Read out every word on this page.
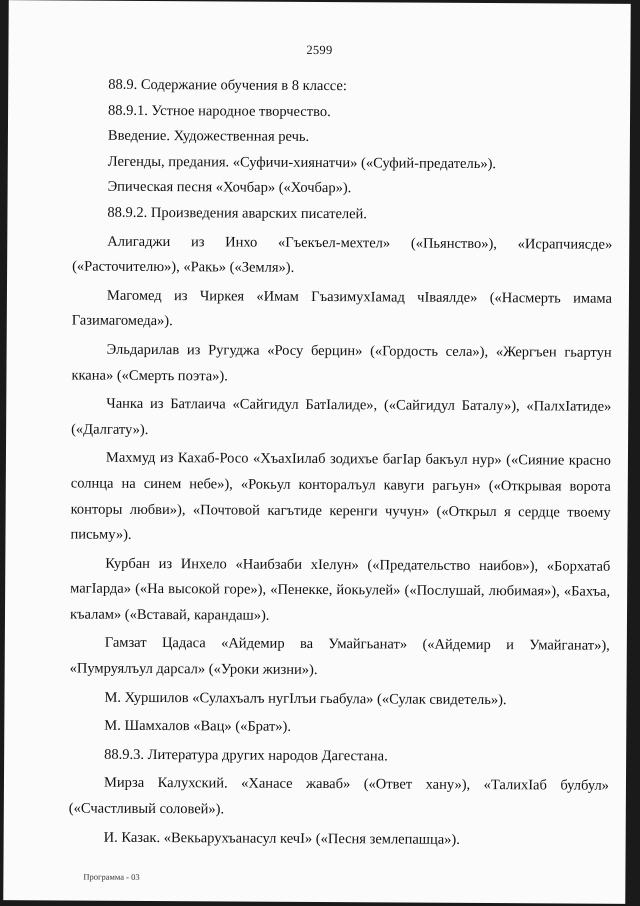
2599

88.9. Содержание обучения в 8 классе:

88.9.1. Устное народное творчество.

Введение. Художественная речь.

Легенды, предания. «Суфичи-хиянатчи» («Суфий-предатель»).

Эпическая песня «Хочбар» («Хочбар»).

88.9.2. Произведения аварских писателей.

Алигаджи из Инхо «Гъекъел-мехтел» («Пьянство»), «Исрапчиясде» («Расточителю»), «Ракь» («Земля»).

Магомед из Чиркея «Имам ГъазимухIамад чIваялде» («Насмерть имама Газимагомеда»).

Эльдарилав из Ругуджа «Росу берцин» («Гордость села»), «Жергъен гьартун ккана» («Смерть поэта»).

Чанка из Батлаича «Сайгидул БатIалиде», («Сайгидул Баталу»), «ПалхIатиде» («Далгату»).

Махмуд из Кахаб-Росо «ХъахIилаб зодихъе багIар бакъул нур» («Сияние красно солнца на синем небе»), «Рокьул конторалъул кавуги рагьун» («Открывая ворота конторы любви»), «Почтовой кагътиде керенги чучун» («Открыл я сердце твоему письму»).

Курбан из Инхело «Наибзаби хIелун» («Предательство наибов»), «Борхатаб магIарда» («На высокой горе»), «Пенекке, йокьулей» («Послушай, любимая»), «Бахъа, къалам» («Вставай, карандаш»).

Гамзат Цадаса «Айдемир ва Умайгьанат» («Айдемир и Умайганат»), «Пумруялъул дарсал» («Уроки жизни»).

М. Хуршилов «Сулахъалъ нугIлъи гьабула» («Сулак свидетель»).

М. Шамхалов «Вац» («Брат»).

88.9.3. Литература других народов Дагестана.

Мирза Калухский. «Ханасе жаваб» («Ответ хану»), «ТалихIаб булбул» («Счастливый соловей»).

И. Казак. «Векьарухъанасул кечI» («Песня землепашца»).

Программа - 03
